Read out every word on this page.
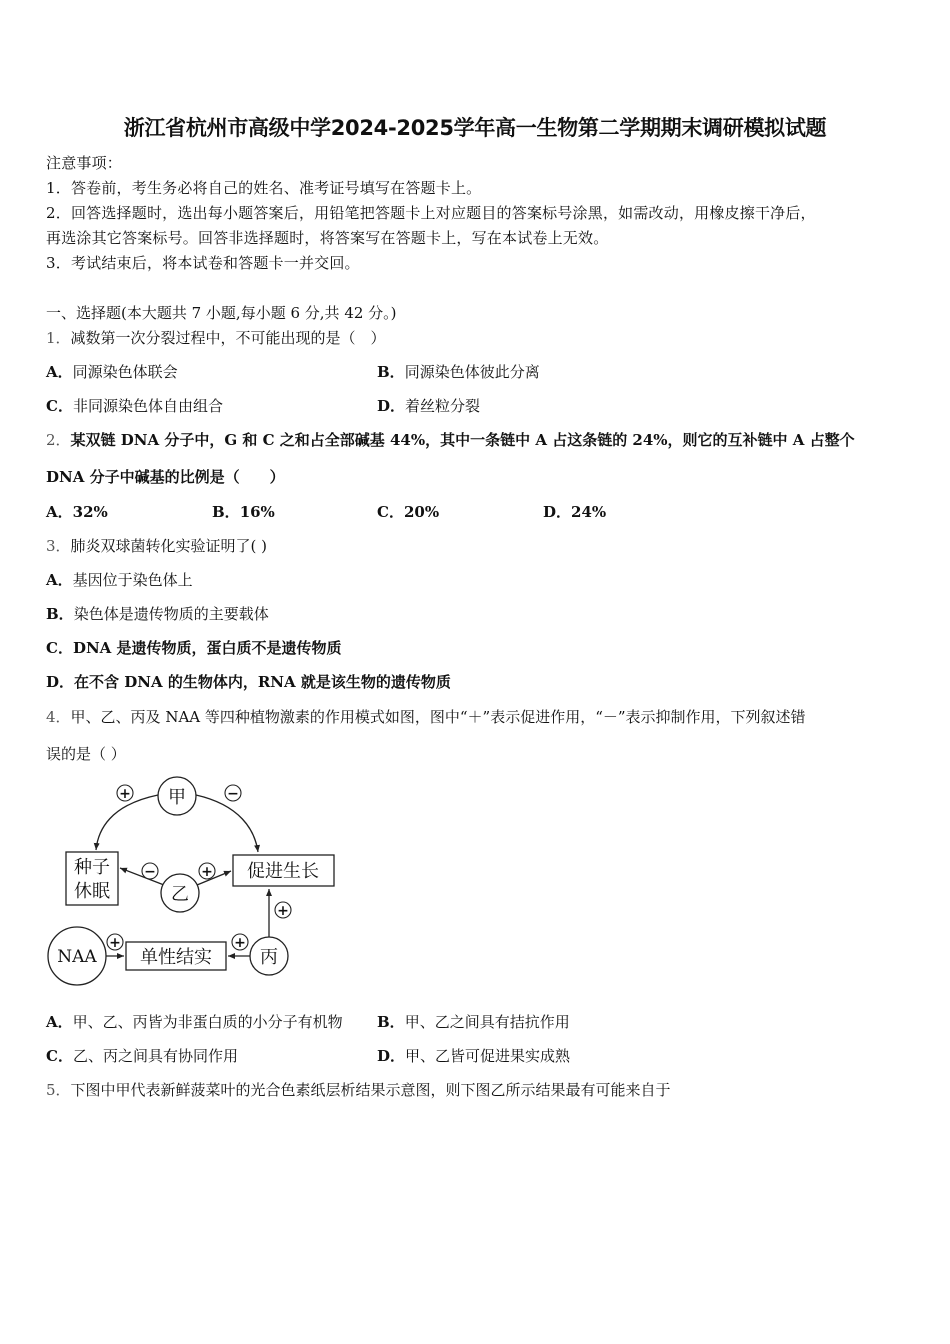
浙江省杭州市高级中学2024-2025学年高一生物第二学期期末调研模拟试题
注意事项：
1．答卷前，考生务必将自己的姓名、准考证号填写在答题卡上。
2．回答选择题时，选出每小题答案后，用铅笔把答题卡上对应题目的答案标号涂黑，如需改动，用橡皮擦干净后，
再选涂其它答案标号。回答非选择题时，将答案写在答题卡上，写在本试卷上无效。
3．考试结束后，将本试卷和答题卡一并交回。
一、选择题(本大题共 7 小题,每小题 6 分,共 42 分。)
1．减数第一次分裂过程中，不可能出现的是（　）
A．同源染色体联会	B．同源染色体彼此分离
C．非同源染色体自由组合	D．着丝粒分裂
2．某双链 DNA 分子中，G 和 C 之和占全部碱基 44%，其中一条链中 A 占这条链的 24%，则它的互补链中 A 占整个
DNA 分子中碱基的比例是（　　）
A．32%	B．16%	C．20%	D．24%
3．肺炎双球菌转化实验证明了( )
A．基因位于染色体上
B．染色体是遗传物质的主要载体
C．DNA 是遗传物质，蛋白质不是遗传物质
D．在不含 DNA 的生物体内，RNA 就是该生物的遗传物质
4．甲、乙、丙及 NAA 等四种植物激素的作用模式如图，图中“＋”表示促进作用，“－”表示抑制作用，下列叙述错
误的是（ ）
甲
乙
丙
NAA
种子
休眠
促进生长
单性结实
+	−
−	+
+
+
+
A．甲、乙、丙皆为非蛋白质的小分子有机物 B．甲、乙之间具有拮抗作用
C．乙、丙之间具有协同作用	D．甲、乙皆可促进果实成熟
5．下图中甲代表新鲜菠菜叶的光合色素纸层析结果示意图，则下图乙所示结果最有可能来自于
